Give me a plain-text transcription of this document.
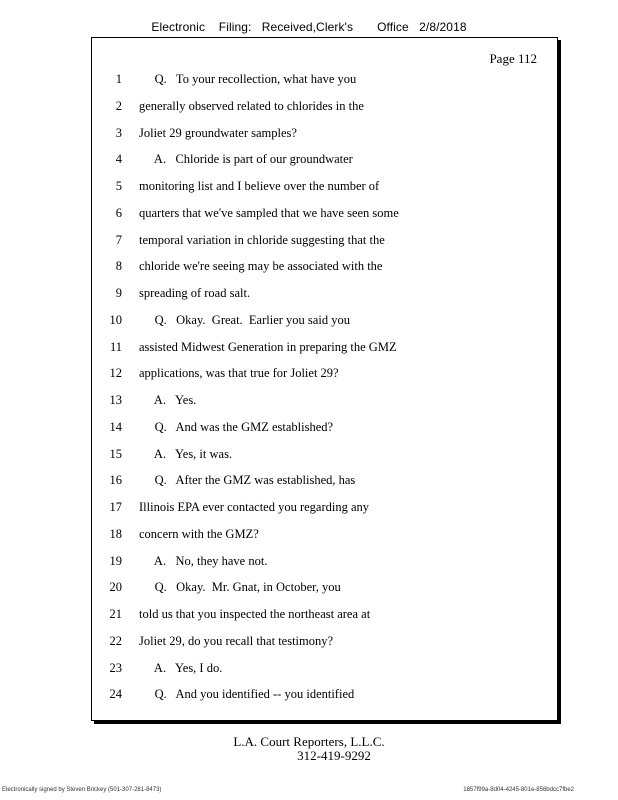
Electronic    Filing:   Received,Clerk's       Office   2/8/2018
Page 112
1 Q.   To your recollection, what have you
2 generally observed related to chlorides in the
3 Joliet 29 groundwater samples?
4 A.   Chloride is part of our groundwater
5 monitoring list and I believe over the number of
6 quarters that we've sampled that we have seen some
7 temporal variation in chloride suggesting that the
8 chloride we're seeing may be associated with the
9 spreading of road salt.
10 Q.   Okay.  Great.  Earlier you said you
11 assisted Midwest Generation in preparing the GMZ
12 applications, was that true for Joliet 29?
13 A.   Yes.
14 Q.   And was the GMZ established?
15 A.   Yes, it was.
16 Q.   After the GMZ was established, has
17 Illinois EPA ever contacted you regarding any
18 concern with the GMZ?
19 A.   No, they have not.
20 Q.   Okay.  Mr. Gnat, in October, you
21 told us that you inspected the northeast area at
22 Joliet 29, do you recall that testimony?
23 A.   Yes, I do.
24 Q.   And you identified -- you identified
L.A. Court Reporters, L.L.C.
312-419-9292
Electronically signed by Steven Brickey (501-307-281-8473)	1857f99a-8d04-4245-801e-856bdcc7fbe2
